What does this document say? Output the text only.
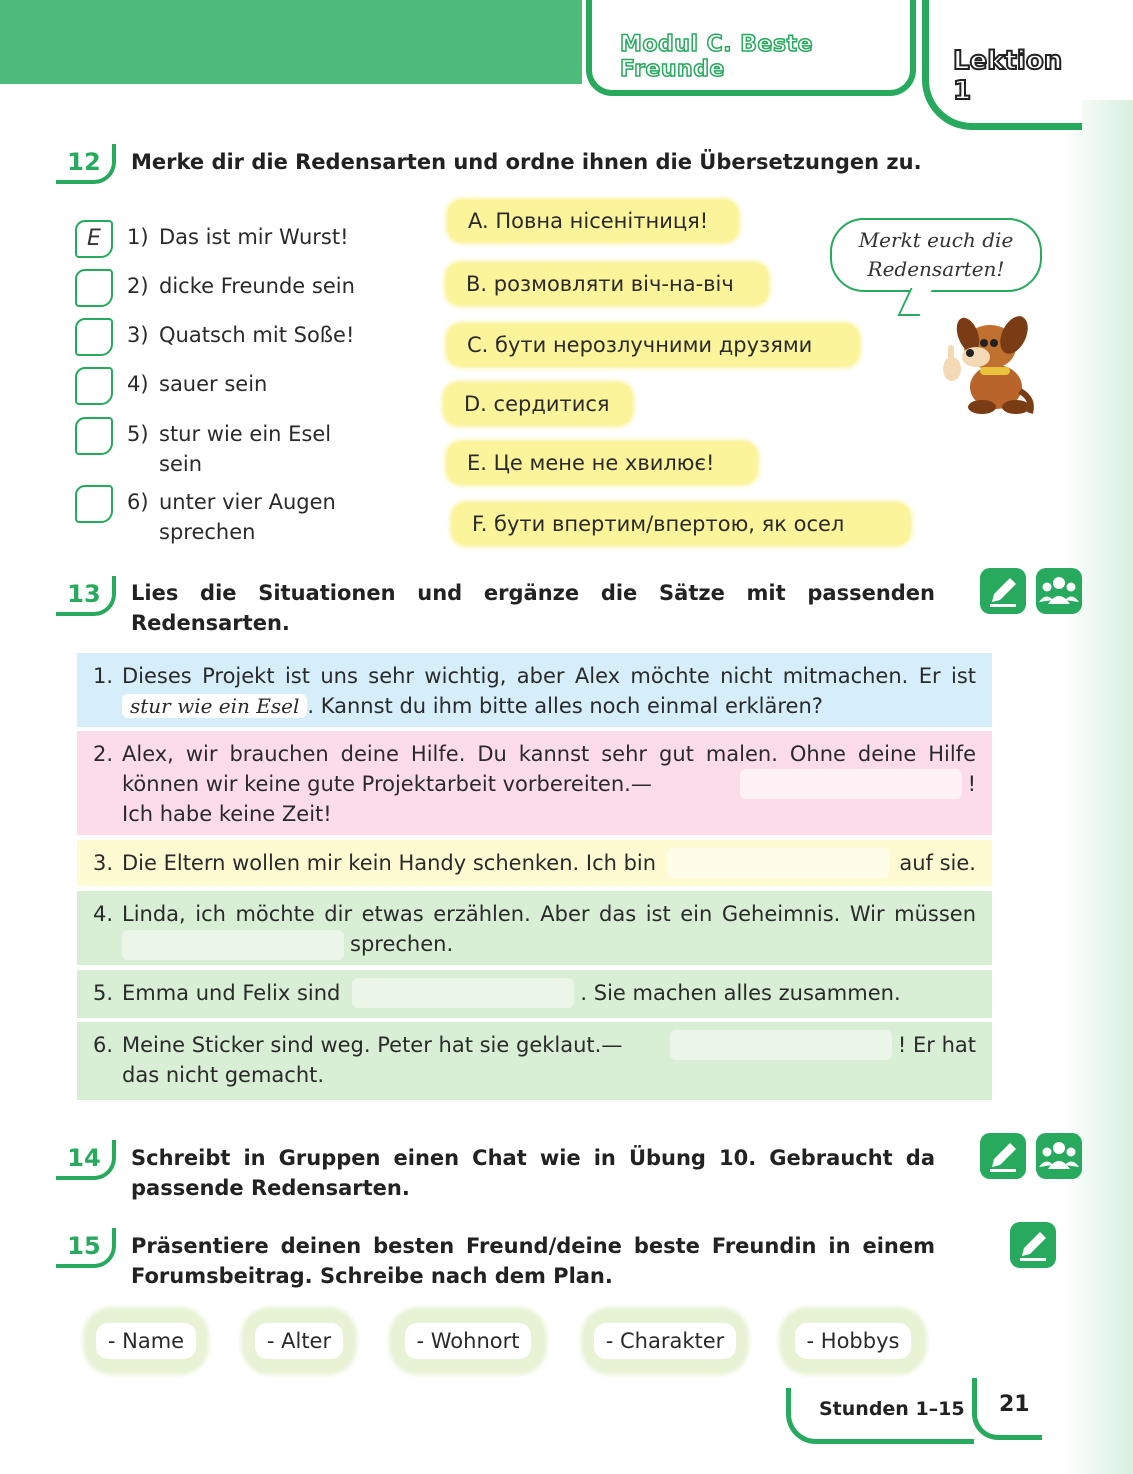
Modul C. Beste Freunde	Lektion 1
12	Merke dir die Redensarten und ordne ihnen die Übersetzungen zu.
E	1) Das ist mir Wurst!
2) dicke Freunde sein
3) Quatsch mit Soße!
4) sauer sein
5) stur wie ein Esel
sein
6) unter vier Augen
sprechen
A. Повна нісенітниця!
B. розмовляти віч-на-віч
C. бути нерозлучними друзями
D. сердитися
E. Це мене не хвилює!
F. бути впертим/впертою, як осел
Merkt euch die
Redensarten!
13	Lies die Situationen und ergänze die Sätze mit passenden Redensarten.
1. Dieses Projekt ist uns sehr wichtig, aber Alex möchte nicht mitmachen. Er ist stur wie ein Esel . Kannst du ihm bitte alles noch einmal erklären?
2. Alex, wir brauchen deine Hilfe. Du kannst sehr gut malen. Ohne deine Hilfe
können wir keine gute Projektarbeit vorbereiten.—	!
Ich habe keine Zeit!
3. Die Eltern wollen mir kein Handy schenken. Ich bin	auf sie.
4. Linda, ich möchte dir etwas erzählen. Aber das ist ein Geheimnis. Wir müssen
sprechen.
5. Emma und Felix sind	. Sie machen alles zusammen.
6. Meine Sticker sind weg. Peter hat sie geklaut.—	! Er hat
das nicht gemacht.
14	Schreibt in Gruppen einen Chat wie in Übung 10. Gebraucht da passende Redensarten.
15	Präsentiere deinen besten Freund/deine beste Freundin in einem Forumsbeitrag. Schreibe nach dem Plan.
- Name	- Alter	- Wohnort	- Charakter	- Hobbys
Stunden 1–15 21
